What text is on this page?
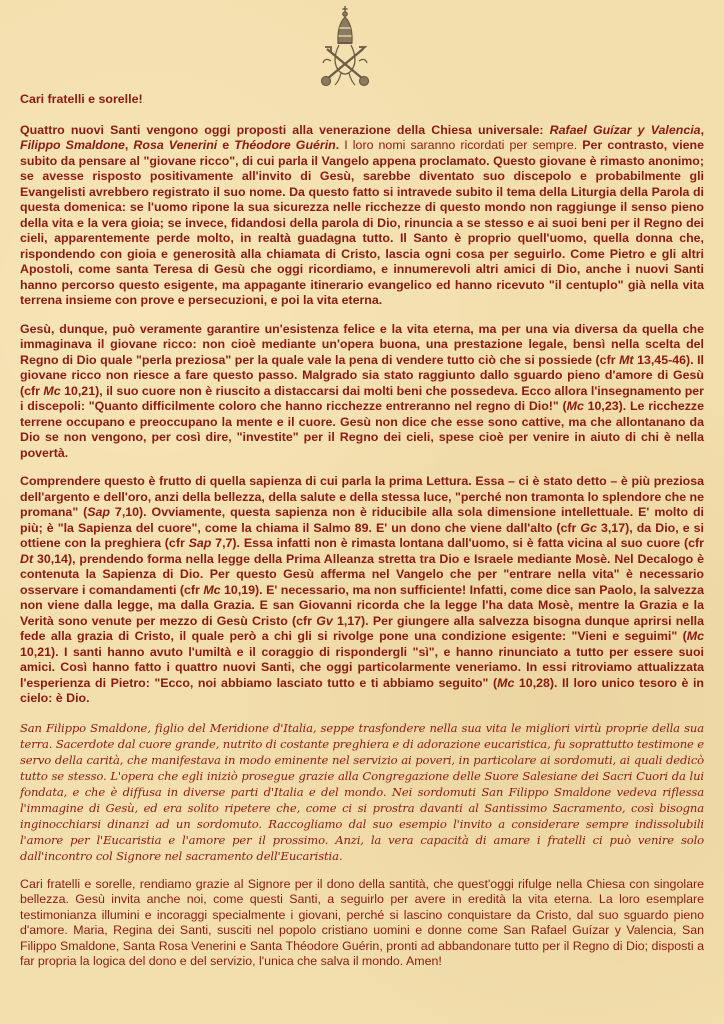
Cari fratelli e sorelle!

Quattro nuovi Santi vengono oggi proposti alla venerazione della Chiesa universale: Rafael Guízar y Valencia, Filippo Smaldone, Rosa Venerini e Théodore Guérin. I loro nomi saranno ricordati per sempre. Per contrasto, viene subito da pensare al "giovane ricco", di cui parla il Vangelo appena proclamato. Questo giovane è rimasto anonimo; se avesse risposto positivamente all'invito di Gesù, sarebbe diventato suo discepolo e probabilmente gli Evangelisti avrebbero registrato il suo nome. Da questo fatto si intravede subito il tema della Liturgia della Parola di questa domenica: se l'uomo ripone la sua sicurezza nelle ricchezze di questo mondo non raggiunge il senso pieno della vita e la vera gioia; se invece, fidandosi della parola di Dio, rinuncia a se stesso e ai suoi beni per il Regno dei cieli, apparentemente perde molto, in realtà guadagna tutto. Il Santo è proprio quell'uomo, quella donna che, rispondendo con gioia e generosità alla chiamata di Cristo, lascia ogni cosa per seguirlo. Come Pietro e gli altri Apostoli, come santa Teresa di Gesù che oggi ricordiamo, e innumerevoli altri amici di Dio, anche i nuovi Santi hanno percorso questo esigente, ma appagante itinerario evangelico ed hanno ricevuto "il centuplo" già nella vita terrena insieme con prove e persecuzioni, e poi la vita eterna.

Gesù, dunque, può veramente garantire un'esistenza felice e la vita eterna, ma per una via diversa da quella che immaginava il giovane ricco: non cioè mediante un'opera buona, una prestazione legale, bensì nella scelta del Regno di Dio quale "perla preziosa" per la quale vale la pena di vendere tutto ciò che si possiede (cfr Mt 13,45-46). Il giovane ricco non riesce a fare questo passo. Malgrado sia stato raggiunto dallo sguardo pieno d'amore di Gesù (cfr Mc 10,21), il suo cuore non è riuscito a distaccarsi dai molti beni che possedeva. Ecco allora l'insegnamento per i discepoli: "Quanto difficilmente coloro che hanno ricchezze entreranno nel regno di Dio!" (Mc 10,23). Le ricchezze terrene occupano e preoccupano la mente e il cuore. Gesù non dice che esse sono cattive, ma che allontanano da Dio se non vengono, per così dire, "investite" per il Regno dei cieli, spese cioè per venire in aiuto di chi è nella povertà.

Comprendere questo è frutto di quella sapienza di cui parla la prima Lettura. Essa – ci è stato detto – è più preziosa dell'argento e dell'oro, anzi della bellezza, della salute e della stessa luce, "perché non tramonta lo splendore che ne promana" (Sap 7,10). Ovviamente, questa sapienza non è riducibile alla sola dimensione intellettuale. E' molto di più; è "la Sapienza del cuore", come la chiama il Salmo 89. E' un dono che viene dall'alto (cfr Gc 3,17), da Dio, e si ottiene con la preghiera (cfr Sap 7,7). Essa infatti non è rimasta lontana dall'uomo, si è fatta vicina al suo cuore (cfr Dt 30,14), prendendo forma nella legge della Prima Alleanza stretta tra Dio e Israele mediante Mosè. Nel Decalogo è contenuta la Sapienza di Dio. Per questo Gesù afferma nel Vangelo che per "entrare nella vita" è necessario osservare i comandamenti (cfr Mc 10,19). E' necessario, ma non sufficiente! Infatti, come dice san Paolo, la salvezza non viene dalla legge, ma dalla Grazia. E san Giovanni ricorda che la legge l'ha data Mosè, mentre la Grazia e la Verità sono venute per mezzo di Gesù Cristo (cfr Gv 1,17). Per giungere alla salvezza bisogna dunque aprirsi nella fede alla grazia di Cristo, il quale però a chi gli si rivolge pone una condizione esigente: "Vieni e seguimi" (Mc 10,21). I santi hanno avuto l'umiltà e il coraggio di rispondergli "sì", e hanno rinunciato a tutto per essere suoi amici. Così hanno fatto i quattro nuovi Santi, che oggi particolarmente veneriamo. In essi ritroviamo attualizzata l'esperienza di Pietro: "Ecco, noi abbiamo lasciato tutto e ti abbiamo seguito" (Mc 10,28). Il loro unico tesoro è in cielo: è Dio.

San Filippo Smaldone, figlio del Meridione d'Italia, seppe trasfondere nella sua vita le migliori virtù proprie della sua terra. Sacerdote dal cuore grande, nutrito di costante preghiera e di adorazione eucaristica, fu soprattutto testimone e servo della carità, che manifestava in modo eminente nel servizio ai poveri, in particolare ai sordomuti, ai quali dedicò tutto se stesso. L'opera che egli iniziò prosegue grazie alla Congregazione delle Suore Salesiane dei Sacri Cuori da lui fondata, e che è diffusa in diverse parti d'Italia e del mondo. Nei sordomuti San Filippo Smaldone vedeva riflessa l'immagine di Gesù, ed era solito ripetere che, come ci si prostra davanti al Santissimo Sacramento, così bisogna inginocchiarsi dinanzi ad un sordomuto. Raccogliamo dal suo esempio l'invito a considerare sempre indissolubili l'amore per l'Eucaristia e l'amore per il prossimo. Anzi, la vera capacità di amare i fratelli ci può venire solo dall'incontro col Signore nel sacramento dell'Eucaristia.

Cari fratelli e sorelle, rendiamo grazie al Signore per il dono della santità, che quest'oggi rifulge nella Chiesa con singolare bellezza. Gesù invita anche noi, come questi Santi, a seguirlo per avere in eredità la vita eterna. La loro esemplare testimonianza illumini e incoraggi specialmente i giovani, perché si lascino conquistare da Cristo, dal suo sguardo pieno d'amore. Maria, Regina dei Santi, susciti nel popolo cristiano uomini e donne come San Rafael Guízar y Valencia, San Filippo Smaldone, Santa Rosa Venerini e Santa Théodore Guérin, pronti ad abbandonare tutto per il Regno di Dio; disposti a far propria la logica del dono e del servizio, l'unica che salva il mondo. Amen!
